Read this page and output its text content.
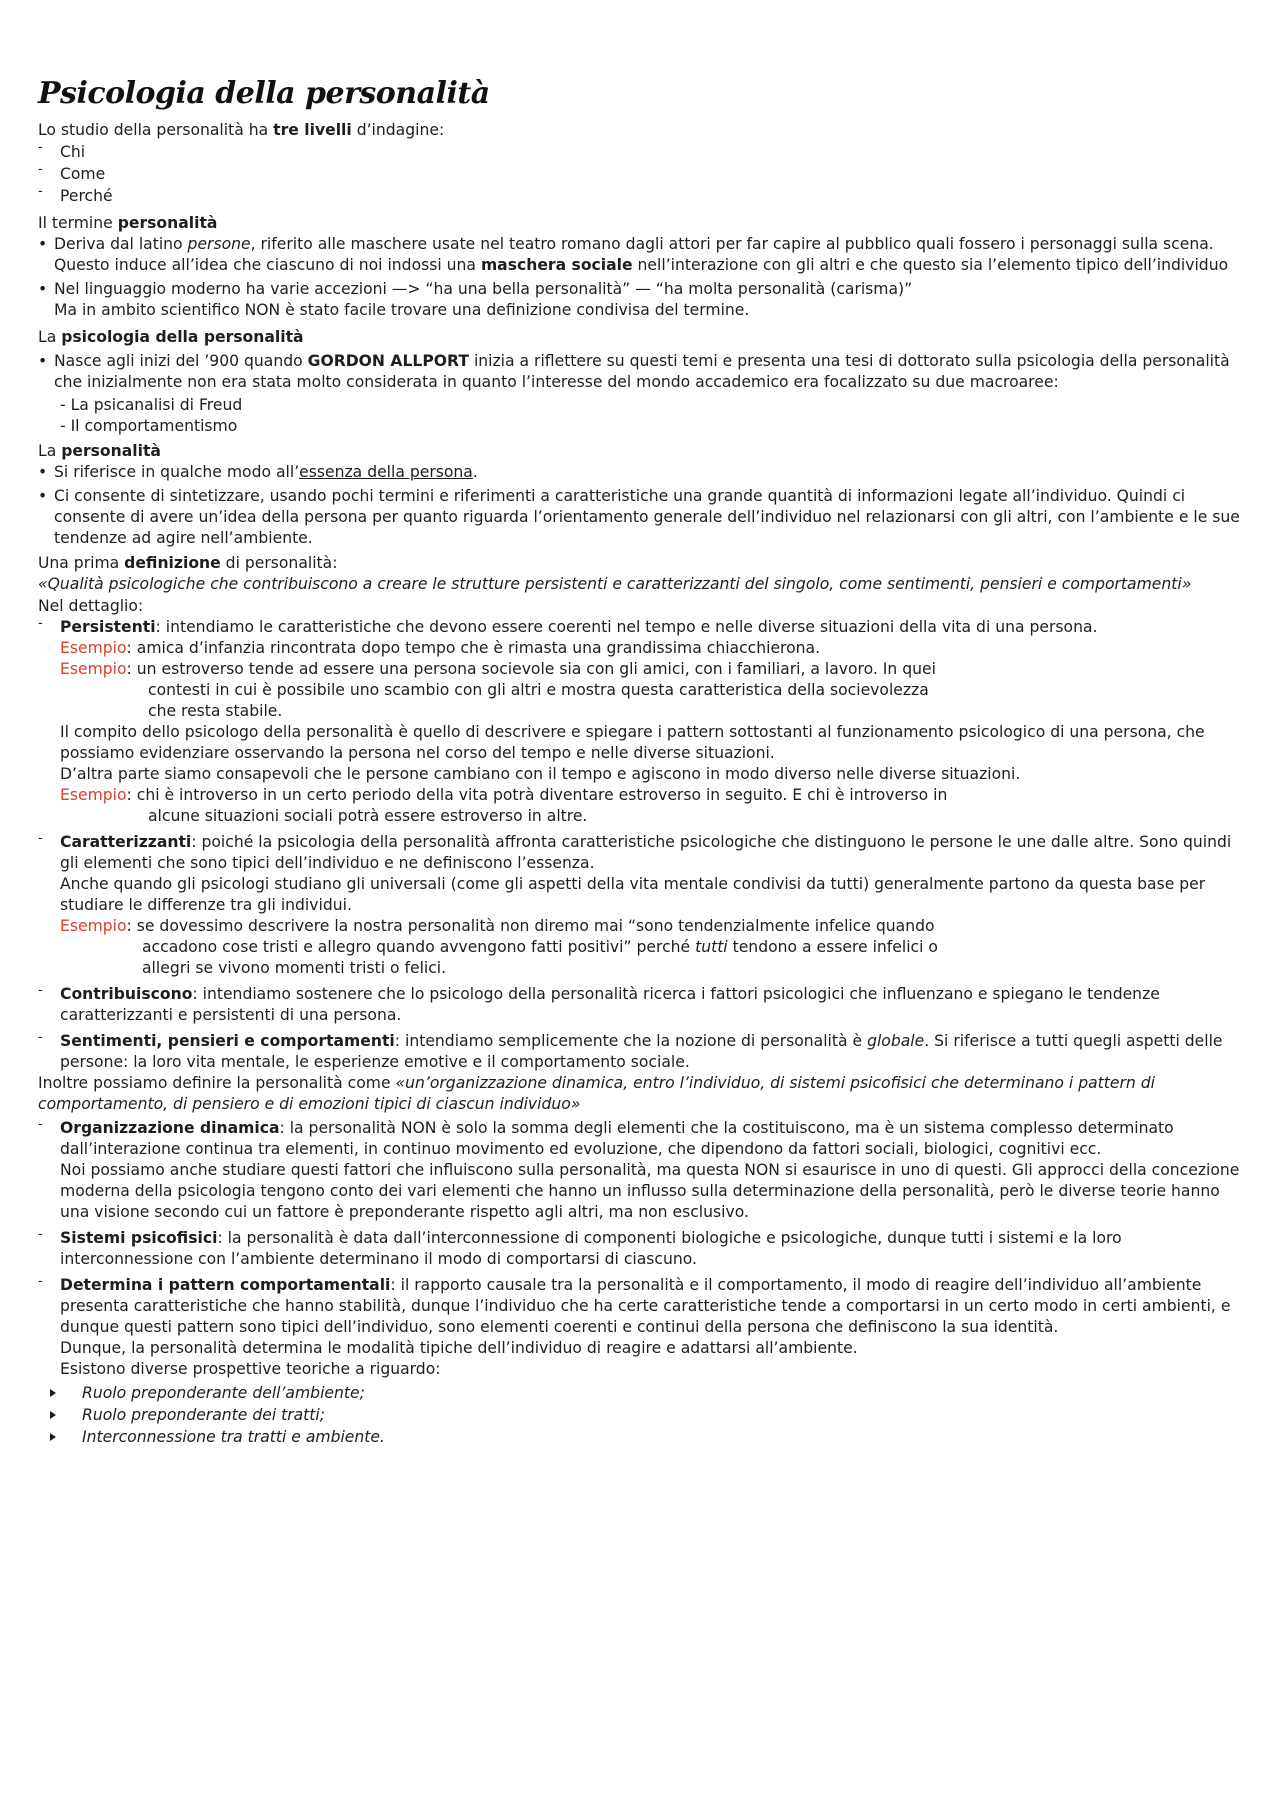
Psicologia della personalità

Lo studio della personalità ha tre livelli d’indagine:

- Chi
- Come
- Perché

Il termine personalità

• Deriva dal latino persone, riferito alle maschere usate nel teatro romano dagli attori per far capire al pubblico quali fossero i personaggi sulla scena. Questo induce all’idea che ciascuno di noi indossi una maschera sociale nell’interazione con gli altri e che questo sia l’elemento tipico dell’individuo
• Nel linguaggio moderno ha varie accezioni —> “ha una bella personalità” — “ha molta personalità (carisma)”
Ma in ambito scientifico NON è stato facile trovare una definizione condivisa del termine.

La psicologia della personalità

• Nasce agli inizi del ’900 quando GORDON ALLPORT inizia a riflettere su questi temi e presenta una tesi di dottorato sulla psicologia della personalità che inizialmente non era stata molto considerata in quanto l’interesse del mondo accademico era focalizzato su due macroaree:
- La psicanalisi di Freud
- Il comportamentismo

La personalità

• Si riferisce in qualche modo all’essenza della persona.
• Ci consente di sintetizzare, usando pochi termini e riferimenti a caratteristiche una grande quantità di informazioni legate all’individuo. Quindi ci consente di avere un’idea della persona per quanto riguarda l’orientamento generale dell’individuo nel relazionarsi con gli altri, con l’ambiente e le sue tendenze ad agire nell’ambiente.

Una prima definizione di personalità:

«Qualità psicologiche che contribuiscono a creare le strutture persistenti e caratterizzanti del singolo, come sentimenti, pensieri e comportamenti»

Nel dettaglio:

- Persistenti: intendiamo le caratteristiche che devono essere coerenti nel tempo e nelle diverse situazioni della vita di una persona.
Esempio: amica d’infanzia rincontrata dopo tempo che è rimasta una grandissima chiacchierona.
Esempio: un estroverso tende ad essere una persona socievole sia con gli amici, con i familiari, a lavoro. In quei
contesti in cui è possibile uno scambio con gli altri e mostra questa caratteristica della socievolezza
che resta stabile.
Il compito dello psicologo della personalità è quello di descrivere e spiegare i pattern sottostanti al funzionamento psicologico di una persona, che possiamo evidenziare osservando la persona nel corso del tempo e nelle diverse situazioni.
D’altra parte siamo consapevoli che le persone cambiano con il tempo e agiscono in modo diverso nelle diverse situazioni.
Esempio: chi è introverso in un certo periodo della vita potrà diventare estroverso in seguito. E chi è introverso in
alcune situazioni sociali potrà essere estroverso in altre.
- Caratterizzanti: poiché la psicologia della personalità affronta caratteristiche psicologiche che distinguono le persone le une dalle altre. Sono quindi gli elementi che sono tipici dell’individuo e ne definiscono l’essenza.
Anche quando gli psicologi studiano gli universali (come gli aspetti della vita mentale condivisi da tutti) generalmente partono da questa base per studiare le differenze tra gli individui.
Esempio: se dovessimo descrivere la nostra personalità non diremo mai “sono tendenzialmente infelice quando
accadono cose tristi e allegro quando avvengono fatti positivi” perché tutti tendono a essere infelici o
allegri se vivono momenti tristi o felici.
- Contribuiscono: intendiamo sostenere che lo psicologo della personalità ricerca i fattori psicologici che influenzano e spiegano le tendenze caratterizzanti e persistenti di una persona.
- Sentimenti, pensieri e comportamenti: intendiamo semplicemente che la nozione di personalità è globale. Si riferisce a tutti quegli aspetti delle persone: la loro vita mentale, le esperienze emotive e il comportamento sociale.

Inoltre possiamo definire la personalità come «un’organizzazione dinamica, entro l’individuo, di sistemi psicofisici che determinano i pattern di comportamento, di pensiero e di emozioni tipici di ciascun individuo»

- Organizzazione dinamica: la personalità NON è solo la somma degli elementi che la costituiscono, ma è un sistema complesso determinato dall’interazione continua tra elementi, in continuo movimento ed evoluzione, che dipendono da fattori sociali, biologici, cognitivi ecc.
Noi possiamo anche studiare questi fattori che influiscono sulla personalità, ma questa NON si esaurisce in uno di questi. Gli approcci della concezione moderna della psicologia tengono conto dei vari elementi che hanno un influsso sulla determinazione della personalità, però le diverse teorie hanno una visione secondo cui un fattore è preponderante rispetto agli altri, ma non esclusivo.
- Sistemi psicofisici: la personalità è data dall’interconnessione di componenti biologiche e psicologiche, dunque tutti i sistemi e la loro interconnessione con l’ambiente determinano il modo di comportarsi di ciascuno.
- Determina i pattern comportamentali: il rapporto causale tra la personalità e il comportamento, il modo di reagire dell’individuo all’ambiente presenta caratteristiche che hanno stabilità, dunque l’individuo che ha certe caratteristiche tende a comportarsi in un certo modo in certi ambienti, e dunque questi pattern sono tipici dell’individuo, sono elementi coerenti e continui della persona che definiscono la sua identità.
Dunque, la personalità determina le modalità tipiche dell’individuo di reagire e adattarsi all’ambiente.
Esistono diverse prospettive teoriche a riguardo:
Ruolo preponderante dell’ambiente;
Ruolo preponderante dei tratti;
Interconnessione tra tratti e ambiente.
